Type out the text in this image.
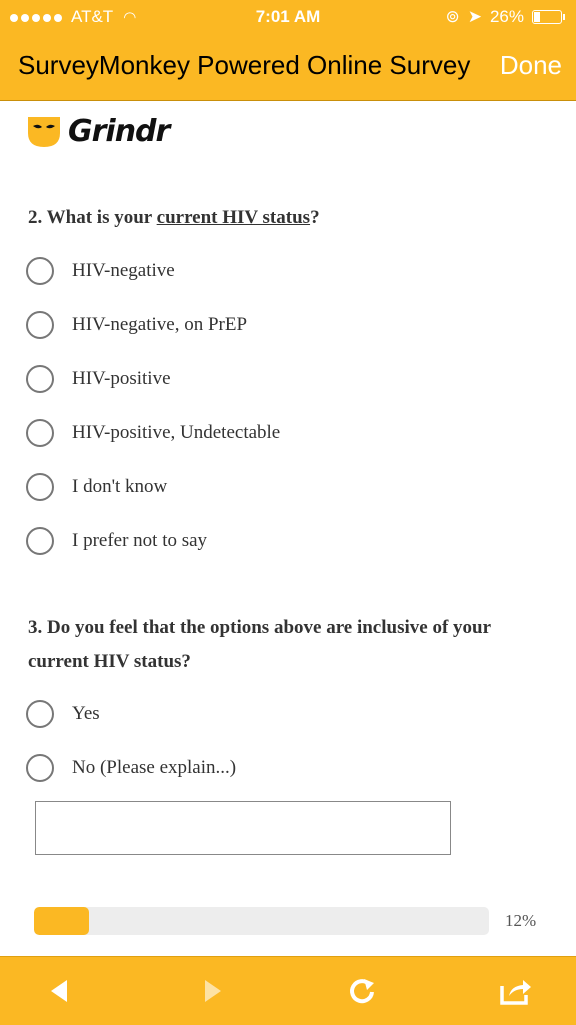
AT&T ◠	7:01 AM	⊚ ➤ 26%
SurveyMonkey Powered Online Survey Done
Grindr
2. What is your current HIV status?
HIV-negative
HIV-negative, on PrEP
HIV-positive
HIV-positive, Undetectable
I don't know
I prefer not to say
3. Do you feel that the options above are inclusive of your current HIV status?
Yes
No (Please explain...)
12%
